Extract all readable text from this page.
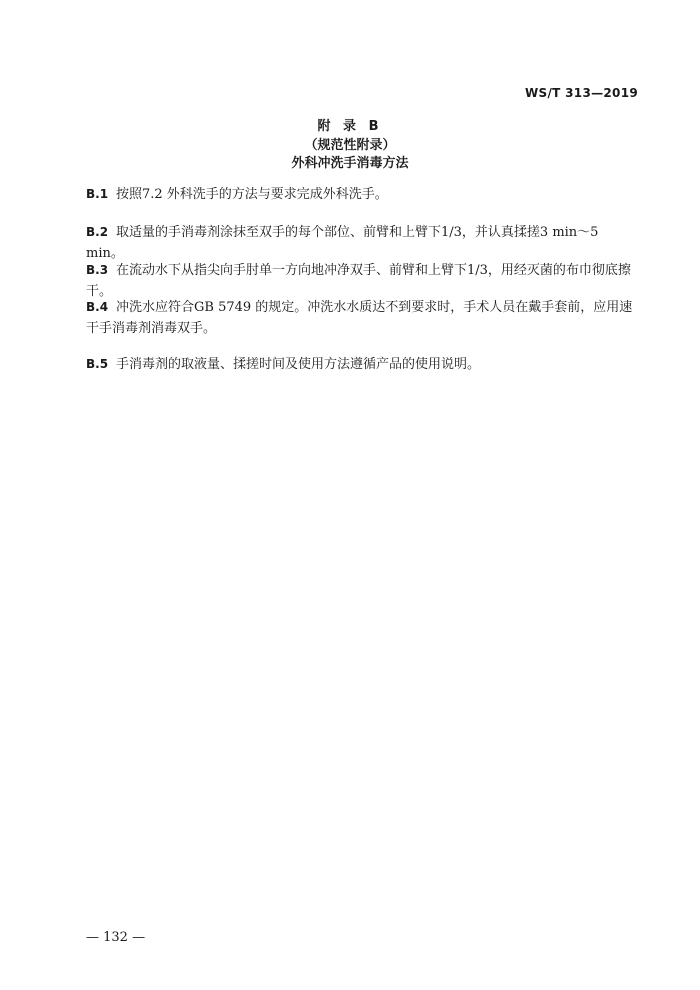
WS/T 313—2019
附 录 B
（规范性附录）
外科冲洗手消毒方法
B.1 按照7.2 外科洗手的方法与要求完成外科洗手。
B.2 取适量的手消毒剂涂抹至双手的每个部位、前臂和上臂下1/3，并认真揉搓3 min～5 min。
B.3 在流动水下从指尖向手肘单一方向地冲净双手、前臂和上臂下1/3，用经灭菌的布巾彻底擦干。
B.4 冲洗水应符合GB 5749 的规定。冲洗水水质达不到要求时，手术人员在戴手套前，应用速干手消毒剂消毒双手。
B.5 手消毒剂的取液量、揉搓时间及使用方法遵循产品的使用说明。
— 132 —
